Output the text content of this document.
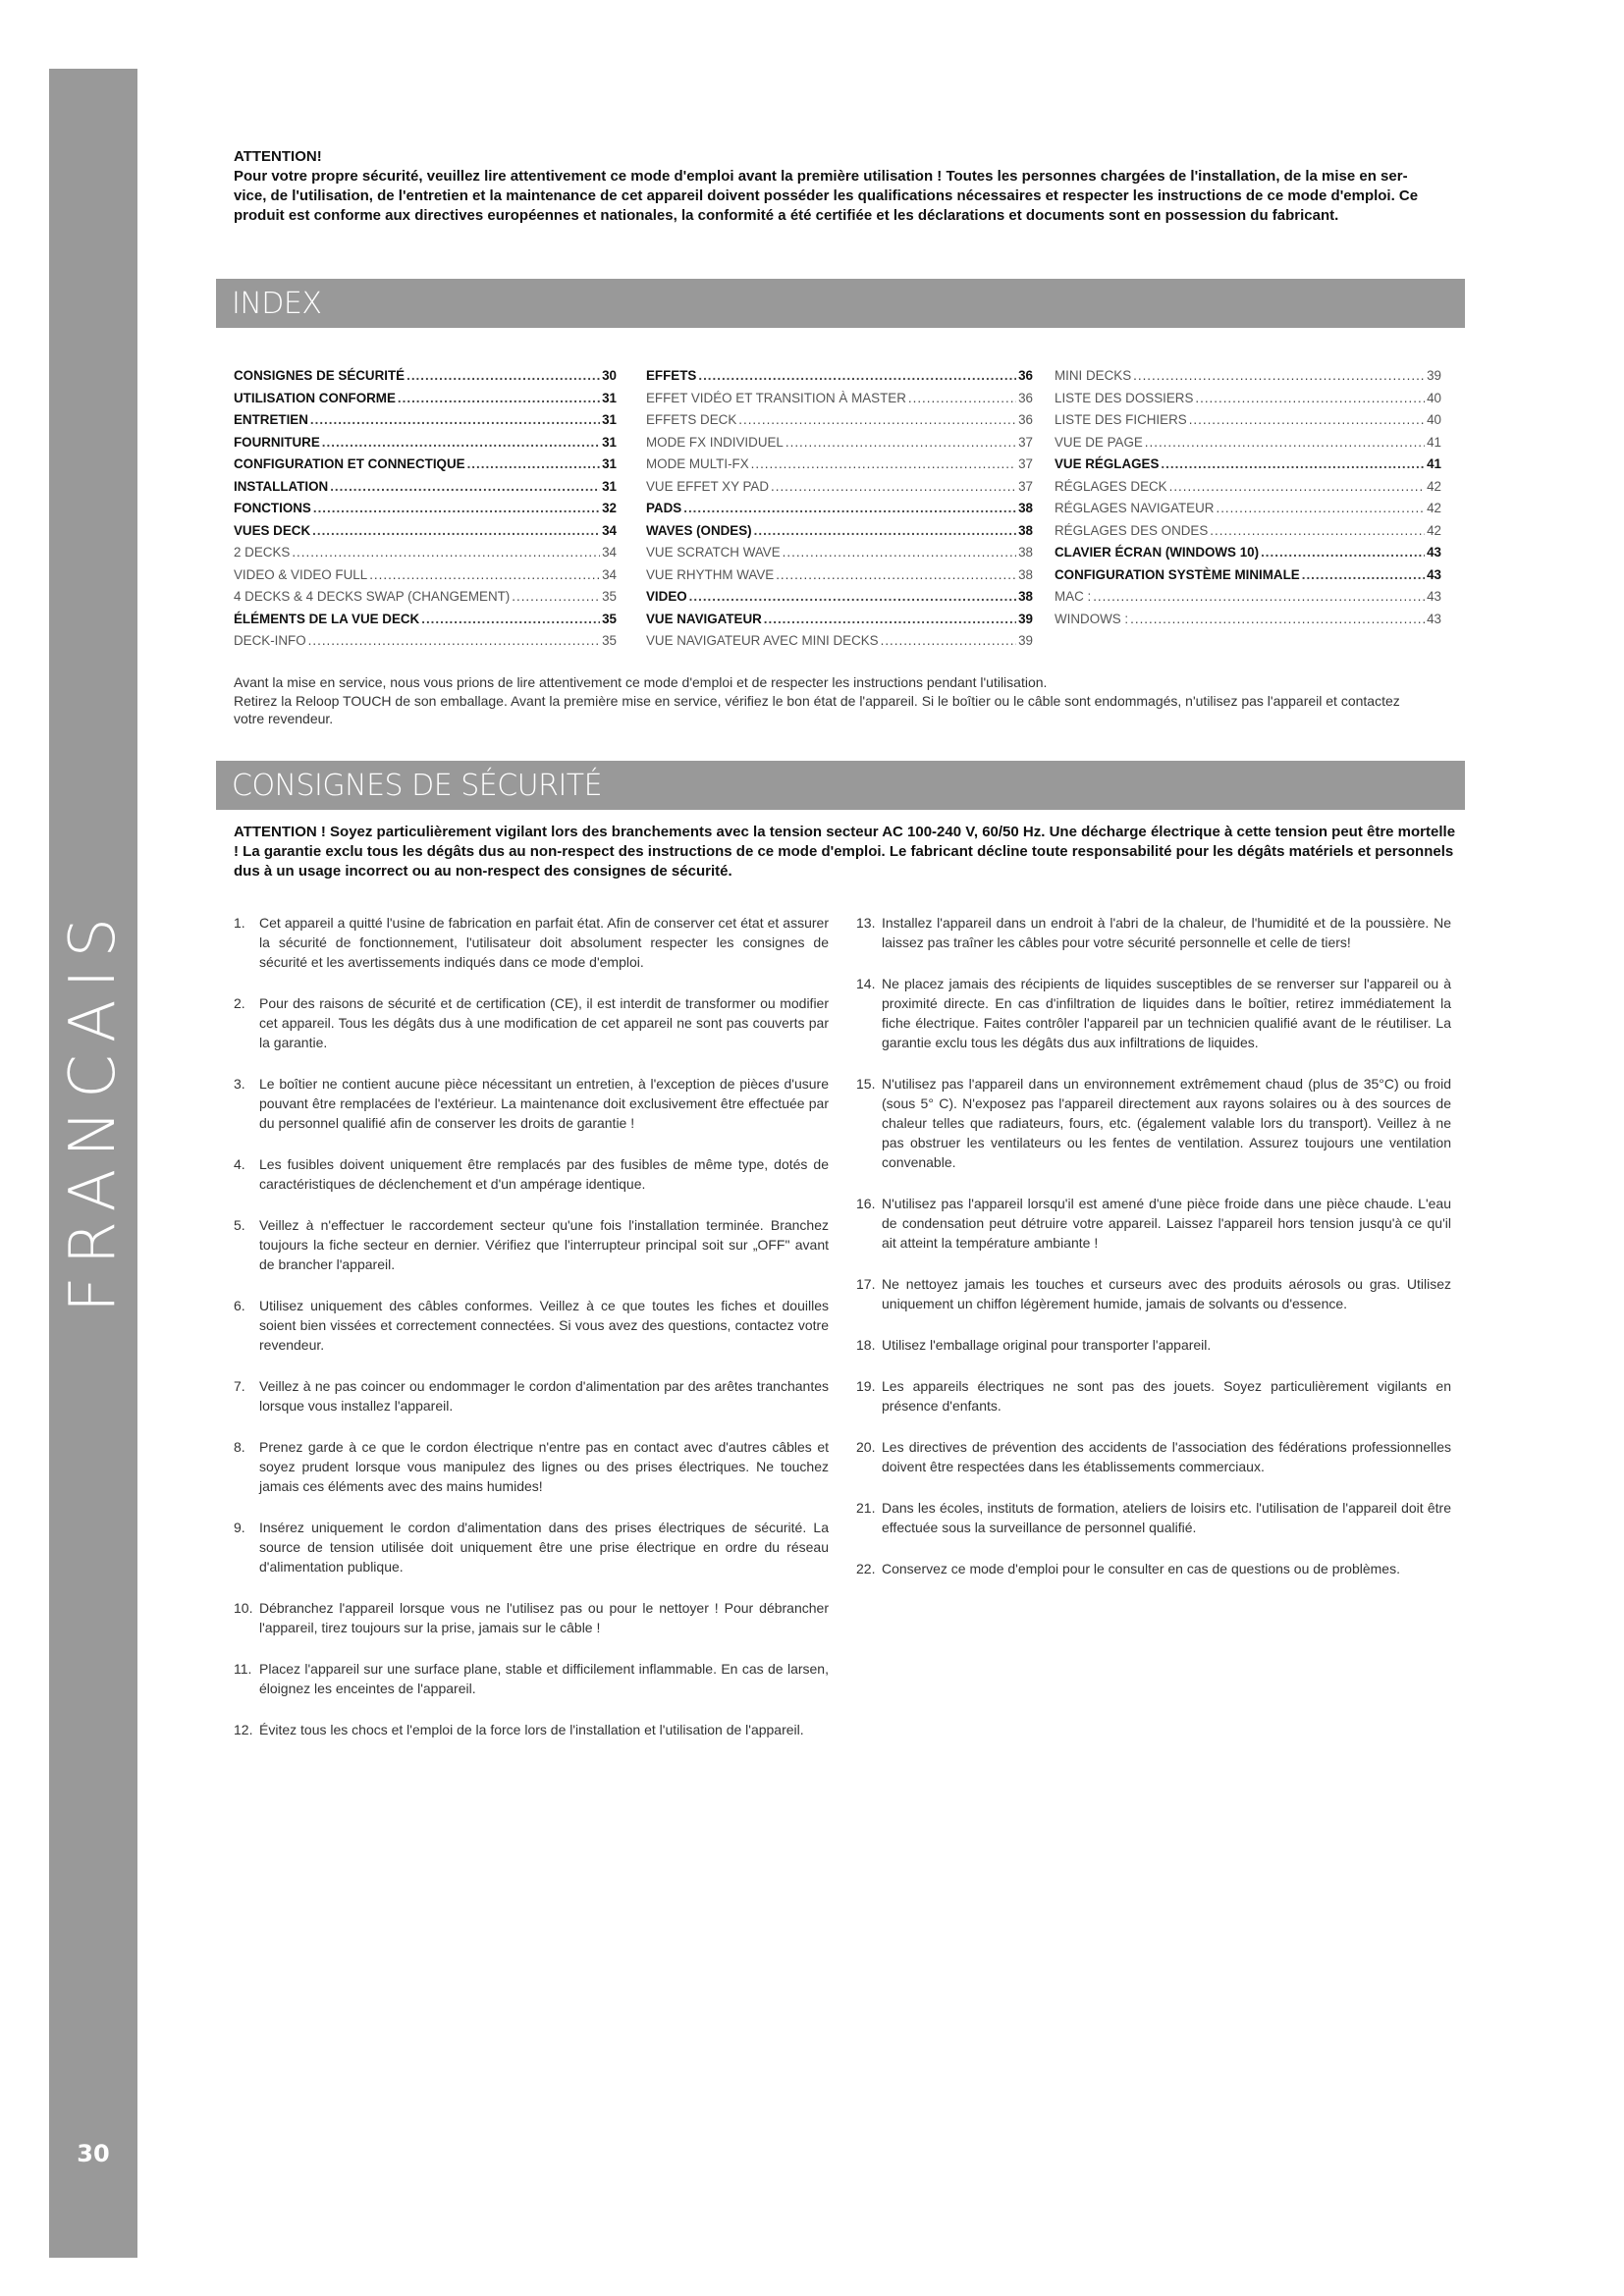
FRANCAIS
30
ATTENTION!
Pour votre propre sécurité, veuillez lire attentivement ce mode d'emploi avant la première utilisation ! Toutes les personnes chargées de l'installation, de la mise en ser-
vice, de l'utilisation, de l'entretien et la maintenance de cet appareil doivent posséder les qualifications nécessaires et respecter les instructions de ce mode d'emploi. Ce
produit est conforme aux directives européennes et nationales, la conformité a été certifiée et les déclarations et documents sont en possession du fabricant.
INDEX
CONSIGNES DE SÉCURITÉ .....	30
UTILISATION CONFORME .....	31
ENTRETIEN .....	31
FOURNITURE .....	31
CONFIGURATION ET CONNECTIQUE .....	31
INSTALLATION .....	31
FONCTIONS .....	32
VUES DECK .....	34
2 DECKS .....	34
VIDEO & VIDEO FULL .....	34
4 DECKS & 4 DECKS SWAP (CHANGEMENT) .....	35
ÉLÉMENTS DE LA VUE DECK .....	35
DECK-INFO .....	35
EFFETS .....	36
EFFET VIDÉO ET TRANSITION À MASTER .....	36
EFFETS DECK .....	36
MODE FX INDIVIDUEL .....	37
MODE MULTI-FX .....	37
VUE EFFET XY PAD .....	37
PADS .....	38
WAVES (ONDES) .....	38
VUE SCRATCH WAVE .....	38
VUE RHYTHM WAVE .....	38
VIDEO .....	38
VUE NAVIGATEUR .....	39
VUE NAVIGATEUR AVEC MINI DECKS .....	39
MINI DECKS .....	39
LISTE DES DOSSIERS .....	40
LISTE DES FICHIERS .....	40
VUE DE PAGE .....	41
VUE RÉGLAGES .....	41
RÉGLAGES DECK .....	42
RÉGLAGES NAVIGATEUR .....	42
RÉGLAGES DES ONDES .....	42
CLAVIER ÉCRAN (WINDOWS 10) .....	43
CONFIGURATION SYSTÈME MINIMALE .....	43
MAC : .....	43
WINDOWS : .....	43
Avant la mise en service, nous vous prions de lire attentivement ce mode d'emploi et de respecter les instructions pendant l'utilisation.
Retirez la Reloop TOUCH de son emballage. Avant la première mise en service, vérifiez le bon état de l'appareil. Si le boîtier ou le câble sont endommagés, n'utilisez pas l'appareil et contactez
votre revendeur.
CONSIGNES DE SÉCURITÉ
ATTENTION ! Soyez particulièrement vigilant lors des branchements avec la tension secteur AC 100-240 V, 60/50 Hz. Une décharge électrique à cette tension peut être mortelle ! La garantie exclu tous les dégâts dus au non-respect des instructions de ce mode d'emploi. Le fabricant décline toute responsabilité pour les dégâts matériels et personnels dus à un usage incorrect ou au non-respect des consignes de sécurité.
1.	Cet appareil a quitté l'usine de fabrication en parfait état. Afin de conserver cet état et assurer la sécurité de fonctionnement, l'utilisateur doit absolument respecter les consignes de sécurité et les avertissements indiqués dans ce mode d'emploi.
2.	Pour des raisons de sécurité et de certification (CE), il est interdit de transformer ou modifier cet appareil. Tous les dégâts dus à une modification de cet appareil ne sont pas couverts par la garantie.
3.	Le boîtier ne contient aucune pièce nécessitant un entretien, à l'exception de pièces d'usure pouvant être remplacées de l'extérieur. La maintenance doit exclusivement être effectuée par du personnel qualifié afin de conserver les droits de garantie !
4.	Les fusibles doivent uniquement être remplacés par des fusibles de même type, dotés de caractéristiques de déclenchement et d'un ampérage identique.
5.	Veillez à n'effectuer le raccordement secteur qu'une fois l'installation terminée. Branchez toujours la fiche secteur en dernier. Vérifiez que l'interrupteur principal soit sur „OFF" avant de brancher l'appareil.
6.	Utilisez uniquement des câbles conformes. Veillez à ce que toutes les fiches et douilles soient bien vissées et correctement connectées. Si vous avez des questions, contactez votre revendeur.
7.	Veillez à ne pas coincer ou endommager le cordon d'alimentation par des arêtes tranchantes lorsque vous installez l'appareil.
8.	Prenez garde à ce que le cordon électrique n'entre pas en contact avec d'autres câbles et soyez prudent lorsque vous manipulez des lignes ou des prises électriques. Ne touchez jamais ces éléments avec des mains humides!
9.	Insérez uniquement le cordon d'alimentation dans des prises électriques de sécurité. La source de tension utilisée doit uniquement être une prise électrique en ordre du réseau d'alimentation publique.
10. Débranchez l'appareil lorsque vous ne l'utilisez pas ou pour le nettoyer ! Pour débrancher l'appareil, tirez toujours sur la prise, jamais sur le câble !
11. Placez l'appareil sur une surface plane, stable et difficilement inflammable. En cas de larsen, éloignez les enceintes de l'appareil.
12. Évitez tous les chocs et l'emploi de la force lors de l'installation et l'utilisation de l'appareil.
13. Installez l'appareil dans un endroit à l'abri de la chaleur, de l'humidité et de la poussière. Ne laissez pas traîner les câbles pour votre sécurité personnelle et celle de tiers!
14. Ne placez jamais des récipients de liquides susceptibles de se renverser sur l'appareil ou à proximité directe. En cas d'infiltration de liquides dans le boîtier, retirez immédiatement la fiche électrique. Faites contrôler l'appareil par un technicien qualifié avant de le réutiliser. La garantie exclu tous les dégâts dus aux infiltrations de liquides.
15. N'utilisez pas l'appareil dans un environnement extrêmement chaud (plus de 35°C) ou froid (sous 5° C). N'exposez pas l'appareil directement aux rayons solaires ou à des sources de chaleur telles que radiateurs, fours, etc. (également valable lors du transport). Veillez à ne pas obstruer les ventilateurs ou les fentes de ventilation. Assurez toujours une ventilation convenable.
16. N'utilisez pas l'appareil lorsqu'il est amené d'une pièce froide dans une pièce chaude. L'eau de condensation peut détruire votre appareil. Laissez l'appareil hors tension jusqu'à ce qu'il ait atteint la température ambiante !
17. Ne nettoyez jamais les touches et curseurs avec des produits aérosols ou gras. Utilisez uniquement un chiffon légèrement humide, jamais de solvants ou d'essence.
18. Utilisez l'emballage original pour transporter l'appareil.
19. Les appareils électriques ne sont pas des jouets. Soyez particulièrement vigilants en présence d'enfants.
20. Les directives de prévention des accidents de l'association des fédérations professionnelles doivent être respectées dans les établissements commerciaux.
21. Dans les écoles, instituts de formation, ateliers de loisirs etc. l'utilisation de l'appareil doit être effectuée sous la surveillance de personnel qualifié.
22. Conservez ce mode d'emploi pour le consulter en cas de questions ou de problèmes.
